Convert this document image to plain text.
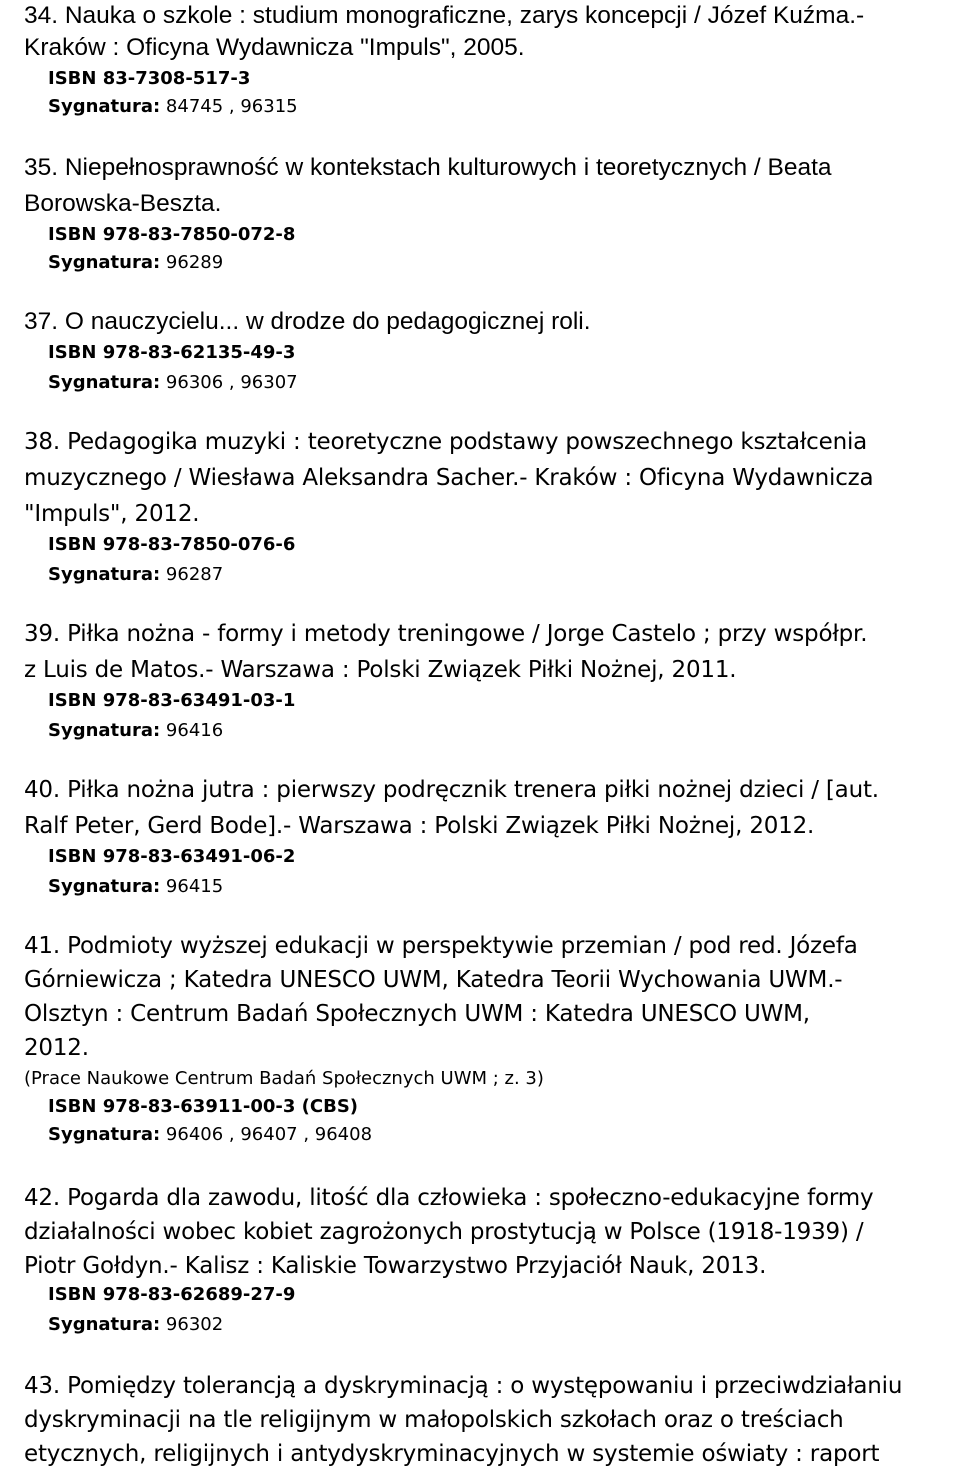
34. Nauka o szkole : studium monograficzne, zarys koncepcji / Józef Kuźma.-
Kraków : Oficyna Wydawnicza "Impuls", 2005.
ISBN 83-7308-517-3
Sygnatura: 84745 , 96315
35. Niepełnosprawność w kontekstach kulturowych i teoretycznych / Beata
Borowska-Beszta.
ISBN 978-83-7850-072-8
Sygnatura: 96289
37. O nauczycielu... w drodze do pedagogicznej roli.
ISBN 978-83-62135-49-3
Sygnatura: 96306 , 96307
38. Pedagogika muzyki : teoretyczne podstawy powszechnego kształcenia
muzycznego / Wiesława Aleksandra Sacher.- Kraków : Oficyna Wydawnicza
"Impuls", 2012.
ISBN 978-83-7850-076-6
Sygnatura: 96287
39. Piłka nożna - formy i metody treningowe / Jorge Castelo ; przy współpr.
z Luis de Matos.- Warszawa : Polski Związek Piłki Nożnej, 2011.
ISBN 978-83-63491-03-1
Sygnatura: 96416
40. Piłka nożna jutra : pierwszy podręcznik trenera piłki nożnej dzieci / [aut.
Ralf Peter, Gerd Bode].- Warszawa : Polski Związek Piłki Nożnej, 2012.
ISBN 978-83-63491-06-2
Sygnatura: 96415
41. Podmioty wyższej edukacji w perspektywie przemian / pod red. Józefa
Górniewicza ; Katedra UNESCO UWM, Katedra Teorii Wychowania UWM.-
Olsztyn : Centrum Badań Społecznych UWM : Katedra UNESCO UWM,
2012.
(Prace Naukowe Centrum Badań Społecznych UWM ; z. 3)
ISBN 978-83-63911-00-3 (CBS)
Sygnatura: 96406 , 96407 , 96408
42. Pogarda dla zawodu, litość dla człowieka : społeczno-edukacyjne formy
działalności wobec kobiet zagrożonych prostytucją w Polsce (1918-1939) /
Piotr Gołdyn.- Kalisz : Kaliskie Towarzystwo Przyjaciół Nauk, 2013.
ISBN 978-83-62689-27-9
Sygnatura: 96302
43. Pomiędzy tolerancją a dyskryminacją : o występowaniu i przeciwdziałaniu
dyskryminacji na tle religijnym w małopolskich szkołach oraz o treściach
etycznych, religijnych i antydyskryminacyjnych w systemie oświaty : raport
